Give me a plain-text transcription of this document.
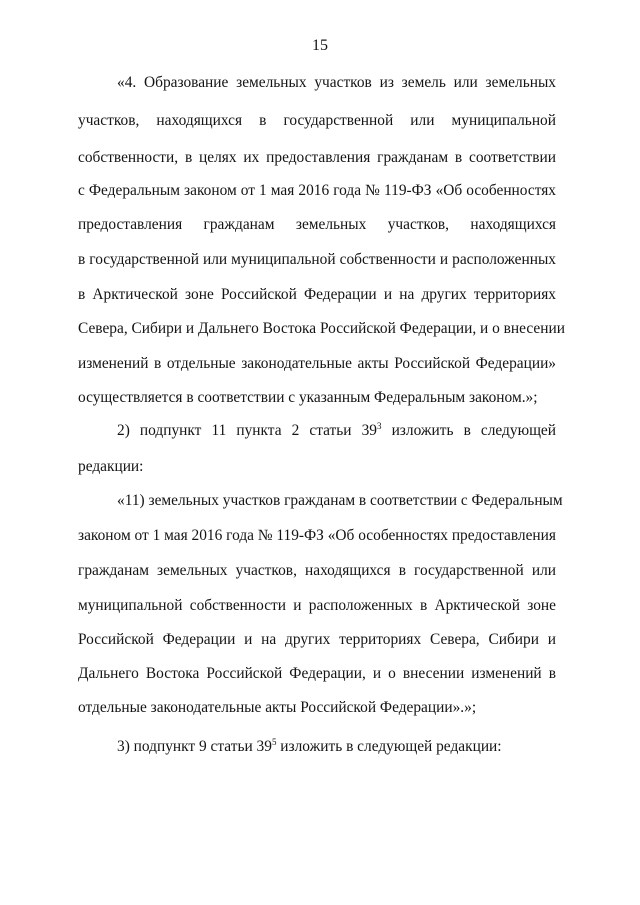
15
«4. Образование земельных участков из земель или земельных
участков, находящихся в государственной или муниципальной
собственности, в целях их предоставления гражданам в соответствии
с Федеральным законом от 1 мая 2016 года № 119-ФЗ «Об особенностях
предоставления гражданам земельных участков, находящихся
в государственной или муниципальной собственности и расположенных
в Арктической зоне Российской Федерации и на других территориях
Севера, Сибири и Дальнего Востока Российской Федерации, и о внесении
изменений в отдельные законодательные акты Российской Федерации»
осуществляется в соответствии с указанным Федеральным законом.»;
2) подпункт 11 пункта 2 статьи $39^3$ изложить в следующей
редакции:
«11) земельных участков гражданам в соответствии с Федеральным
законом от 1 мая 2016 года № 119-ФЗ «Об особенностях предоставления
гражданам земельных участков, находящихся в государственной или
муниципальной собственности и расположенных в Арктической зоне
Российской Федерации и на других территориях Севера, Сибири и
Дальнего Востока Российской Федерации, и о внесении изменений в
отдельные законодательные акты Российской Федерации».»;
3) подпункт 9 статьи $39^5$ изложить в следующей редакции:
